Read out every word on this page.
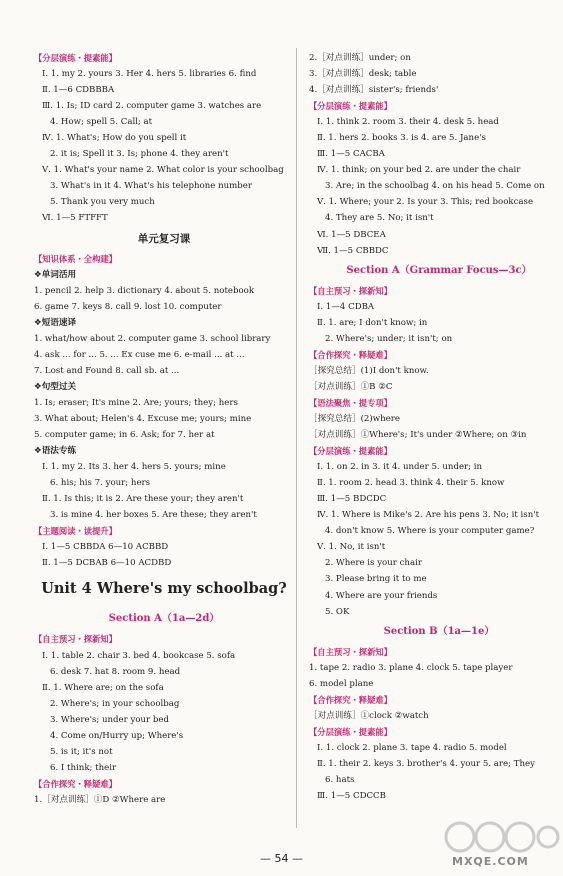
【分层演练・提素能】
Ⅰ. 1. my 2. yours 3. Her 4. hers 5. libraries 6. find
Ⅱ. 1—6 CDBBBA
Ⅲ. 1. Is; ID card 2. computer game 3. watches are
4. How; spell 5. Call; at
Ⅳ. 1. What's; How do you spell it
2. it is; Spell it 3. Is; phone 4. they aren't
Ⅴ. 1. What's your name 2. What color is your schoolbag
3. What's in it 4. What's his telephone number
5. Thank you very much
Ⅵ. 1—5 FTFFT
单元复习课
【知识体系・全构建】
❖单词活用
1. pencil 2. help 3. dictionary 4. about 5. notebook
6. game 7. keys 8. call 9. lost 10. computer
❖短语速译
1. what/how about 2. computer game 3. school library
4. ask ... for ... 5. ... Ex cuse me 6. e-mail ... at ...
7. Lost and Found 8. call sb. at ...
❖句型过关
1. Is; eraser; It's mine 2. Are; yours; they; hers
3. What about; Helen's 4. Excuse me; yours; mine
5. computer game; in 6. Ask; for 7. her at
❖语法专练
Ⅰ. 1. my 2. Its 3. her 4. hers 5. yours; mine
6. his; his 7. your; hers
Ⅱ. 1. Is this; it is 2. Are these your; they aren't
3. is mine 4. her boxes 5. Are these; they aren't
【主题阅读・读提升】
Ⅰ. 1—5 CBBDA 6—10 ACBBD
Ⅱ. 1—5 DCBAB 6—10 ACDBD
Unit 4 Where's my schoolbag?
Section A（1a—2d）
【自主预习・探新知】
Ⅰ. 1. table 2. chair 3. bed 4. bookcase 5. sofa
6. desk 7. hat 8. room 9. head
Ⅱ. 1. Where are; on the sofa
2. Where's; in your schoolbag
3. Where's; under your bed
4. Come on/Hurry up; Where's
5. is it; it's not
6. I think; their
【合作探究・释疑难】
1.［对点训练］①D ②Where are
2.［对点训练］under; on
3.［对点训练］desk; table
4.［对点训练］sister's; friends'
【分层演练・提素能】
Ⅰ. 1. think 2. room 3. their 4. desk 5. head
Ⅱ. 1. hers 2. books 3. is 4. are 5. Jane's
Ⅲ. 1—5 CACBA
Ⅳ. 1. think; on your bed 2. are under the chair
3. Are; in the schoolbag 4. on his head 5. Come on
Ⅴ. 1. Where; your 2. Is your 3. This; red bookcase
4. They are 5. No; it isn't
Ⅵ. 1—5 DBCEA
Ⅶ. 1—5 CBBDC
Section A（Grammar Focus—3c）
【自主预习・探新知】
Ⅰ. 1—4 CDBA
Ⅱ. 1. are; I don't know; in
2. Where's; under; it isn't; on
【合作探究・释疑难】
［探究总结］(1)I don't know.
［对点训练］①B ②C
【语法聚焦・提专项】
［探究总结］(2)where
［对点训练］①Where's; It's under ②Where; on ③in
【分层演练・提素能】
Ⅰ. 1. on 2. in 3. it 4. under 5. under; in
Ⅱ. 1. room 2. head 3. think 4. their 5. know
Ⅲ. 1—5 BDCDC
Ⅳ. 1. Where is Mike's 2. Are his pens 3. No; it isn't
4. don't know 5. Where is your computer game?
Ⅴ. 1. No, it isn't
2. Where is your chair
3. Please bring it to me
4. Where are your friends
5. OK
Section B（1a—1e）
【自主预习・探新知】
1. tape 2. radio 3. plane 4. clock 5. tape player
6. model plane
【合作探究・释疑难】
［对点训练］①clock ②watch
【分层演练・提素能】
Ⅰ. 1. clock 2. plane 3. tape 4. radio 5. model
Ⅱ. 1. their 2. keys 3. brother's 4. your 5. are; They
6. hats
Ⅲ. 1—5 CDCCB
— 54 —	MXQE.COM
